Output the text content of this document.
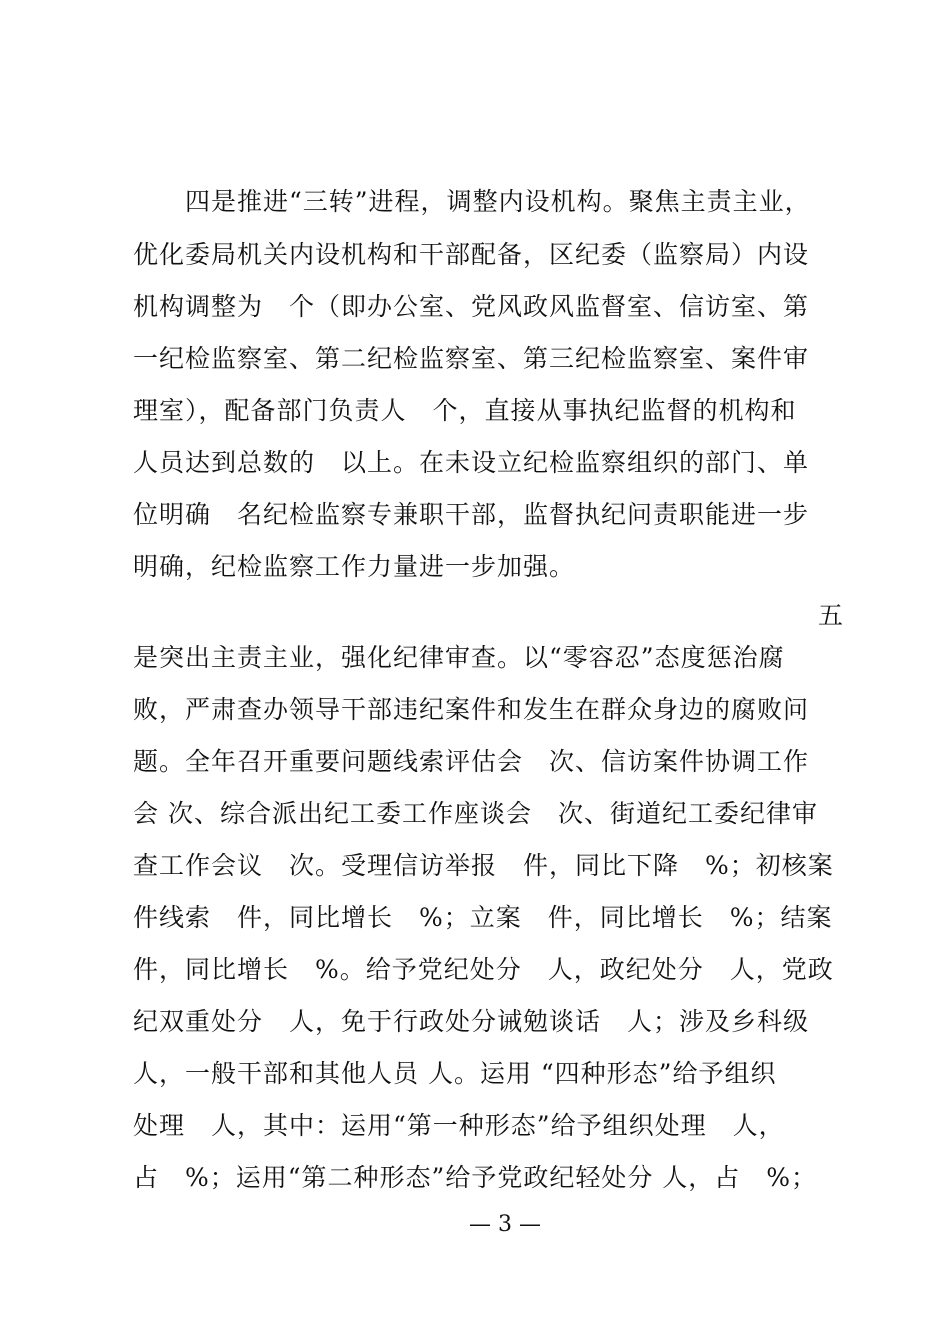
　　四是推进“三转”进程，调整内设机构。聚焦主责主业，
优化委局机关内设机构和干部配备，区纪委（监察局）内设
机构调整为　个（即办公室、党风政风监督室、信访室、第
一纪检监察室、第二纪检监察室、第三纪检监察室、案件审
理室），配备部门负责人　个，直接从事执纪监督的机构和
人员达到总数的　以上。在未设立纪检监察组织的部门、单
位明确　名纪检监察专兼职干部，监督执纪问责职能进一步
明确，纪检监察工作力量进一步加强。
五
是突出主责主业，强化纪律审查。以“零容忍”态度惩治腐
败，严肃查办领导干部违纪案件和发生在群众身边的腐败问
题。全年召开重要问题线索评估会　次、信访案件协调工作
会 次、综合派出纪工委工作座谈会　次、街道纪工委纪律审
查工作会议　次。受理信访举报　件，同比下降　%；初核案
件线索　件，同比增长　%；立案　件，同比增长　%；结案
件，同比增长　%。给予党纪处分　人，政纪处分　人，党政
纪双重处分　人，免于行政处分诫勉谈话　人；涉及乡科级
人，一般干部和其他人员 人。运用 “四种形态”给予组织
处理　人，其中：运用“第一种形态”给予组织处理　人，
占　%；运用“第二种形态”给予党政纪轻处分 人，占　%；
— 3 —
